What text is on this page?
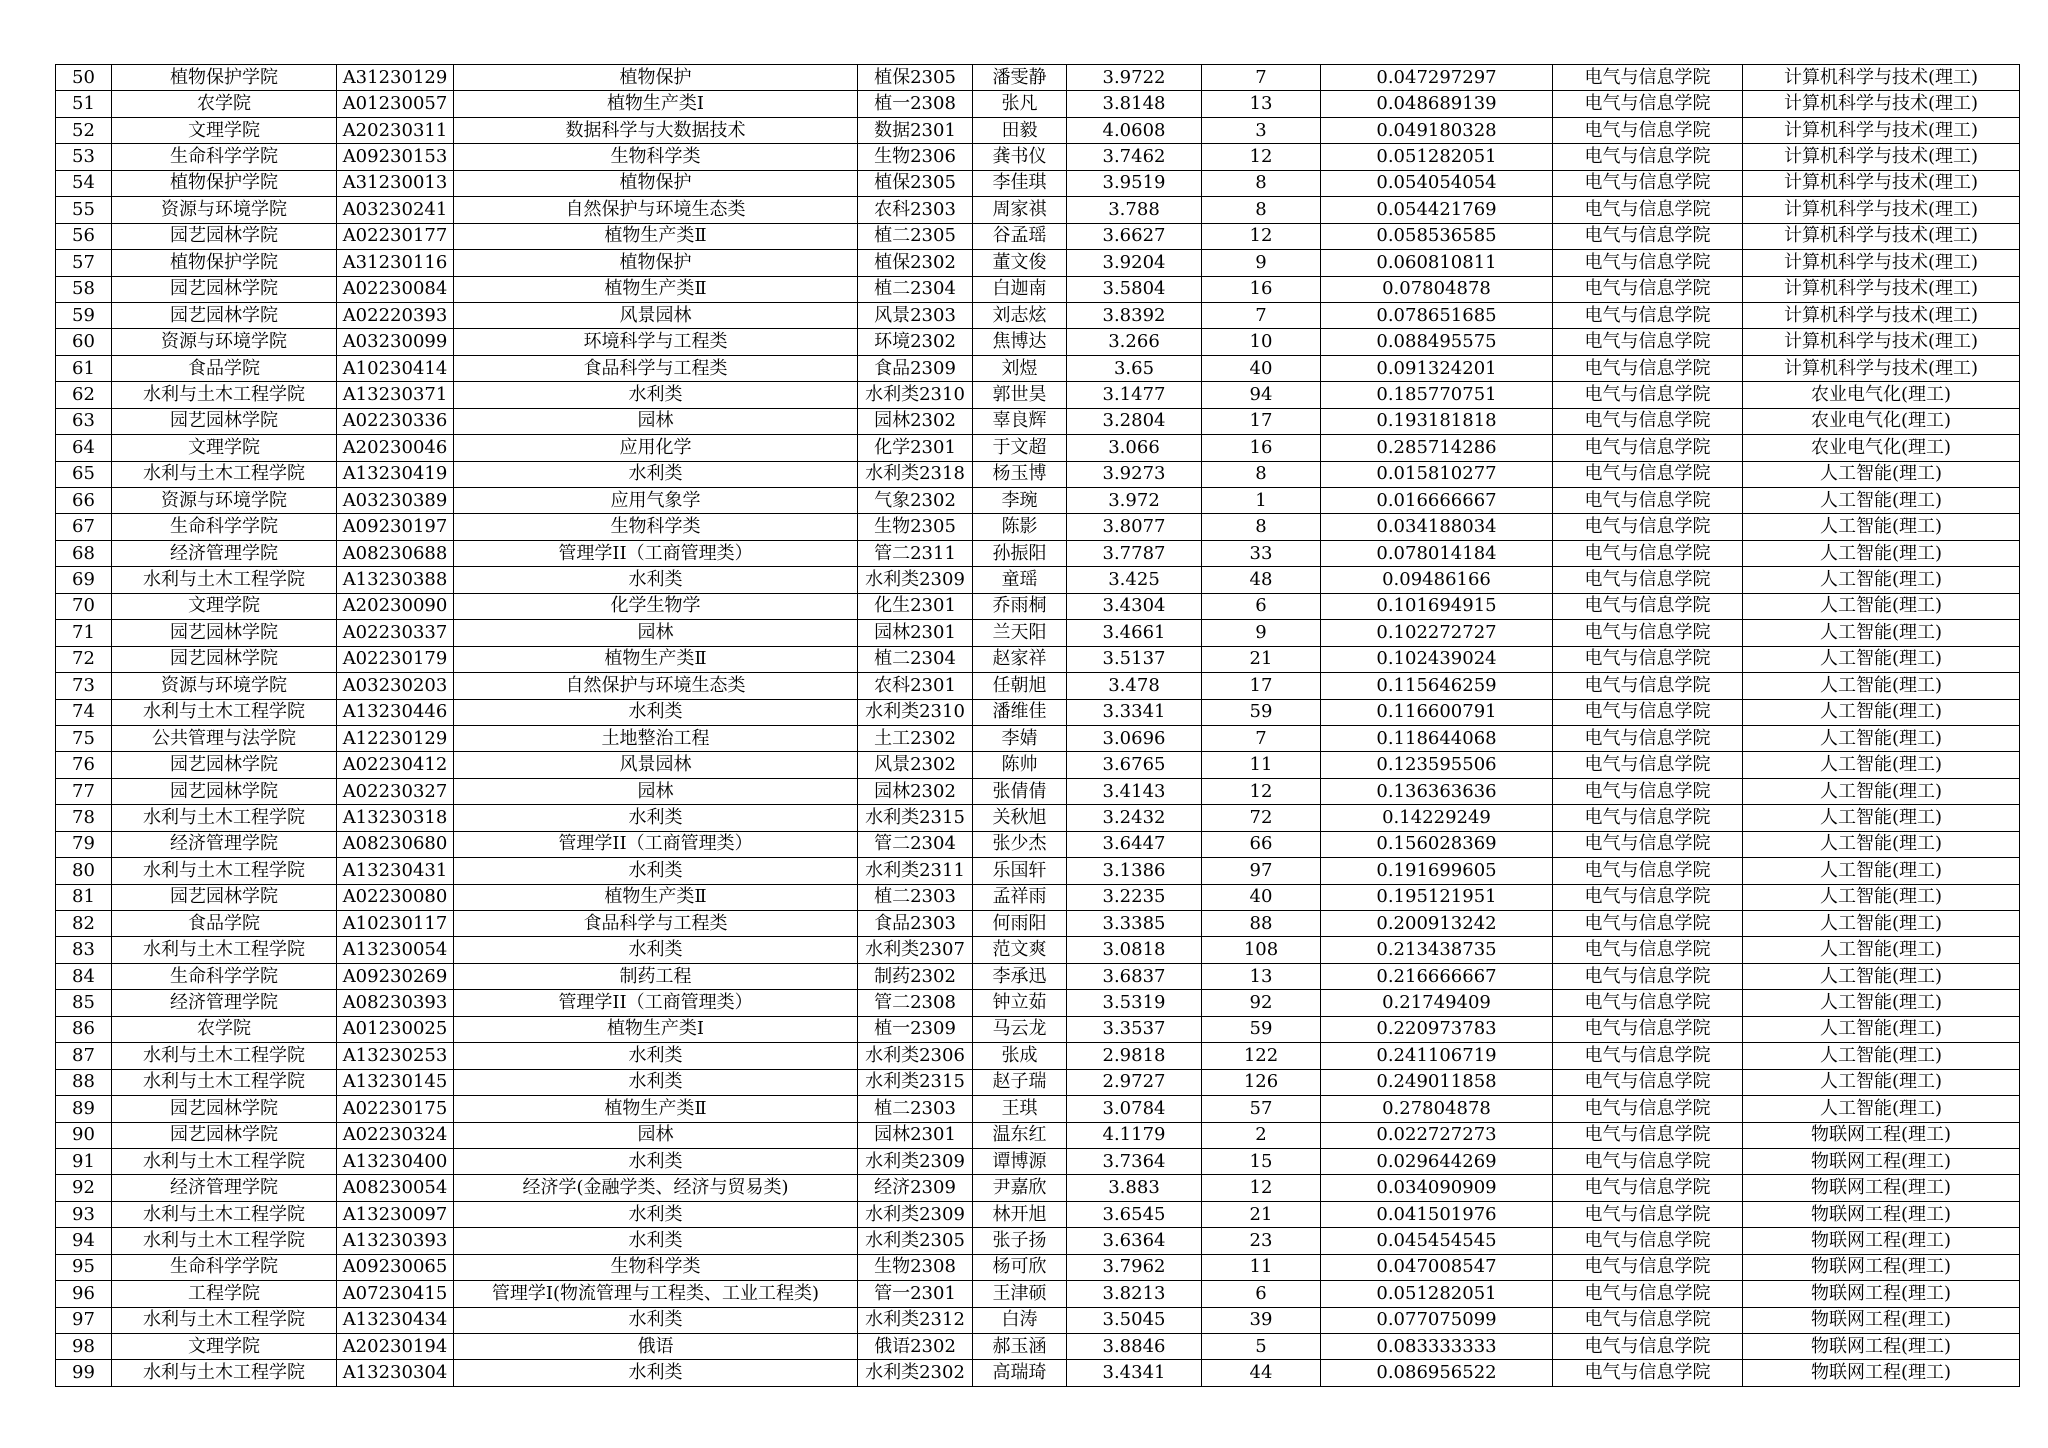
50	植物保护学院	A31230129	植物保护	植保2305	潘雯静	3.9722	7	0.047297297	电气与信息学院	计算机科学与技术(理工)
51	农学院	A01230057	植物生产类I	植一2308	张凡	3.8148	13	0.048689139	电气与信息学院	计算机科学与技术(理工)
52	文理学院	A20230311	数据科学与大数据技术	数据2301	田毅	4.0608	3	0.049180328	电气与信息学院	计算机科学与技术(理工)
53	生命科学学院	A09230153	生物科学类	生物2306	龚书仪	3.7462	12	0.051282051	电气与信息学院	计算机科学与技术(理工)
54	植物保护学院	A31230013	植物保护	植保2305	李佳琪	3.9519	8	0.054054054	电气与信息学院	计算机科学与技术(理工)
55	资源与环境学院	A03230241	自然保护与环境生态类	农科2303	周家祺	3.788	8	0.054421769	电气与信息学院	计算机科学与技术(理工)
56	园艺园林学院	A02230177	植物生产类Ⅱ	植二2305	谷孟瑶	3.6627	12	0.058536585	电气与信息学院	计算机科学与技术(理工)
57	植物保护学院	A31230116	植物保护	植保2302	董文俊	3.9204	9	0.060810811	电气与信息学院	计算机科学与技术(理工)
58	园艺园林学院	A02230084	植物生产类Ⅱ	植二2304	白迦南	3.5804	16	0.07804878	电气与信息学院	计算机科学与技术(理工)
59	园艺园林学院	A02220393	风景园林	风景2303	刘志炫	3.8392	7	0.078651685	电气与信息学院	计算机科学与技术(理工)
60	资源与环境学院	A03230099	环境科学与工程类	环境2302	焦博达	3.266	10	0.088495575	电气与信息学院	计算机科学与技术(理工)
61	食品学院	A10230414	食品科学与工程类	食品2309	刘煜	3.65	40	0.091324201	电气与信息学院	计算机科学与技术(理工)
62	水利与土木工程学院	A13230371	水利类	水利类2310	郭世昊	3.1477	94	0.185770751	电气与信息学院	农业电气化(理工)
63	园艺园林学院	A02230336	园林	园林2302	辜良辉	3.2804	17	0.193181818	电气与信息学院	农业电气化(理工)
64	文理学院	A20230046	应用化学	化学2301	于文超	3.066	16	0.285714286	电气与信息学院	农业电气化(理工)
65	水利与土木工程学院	A13230419	水利类	水利类2318	杨玉博	3.9273	8	0.015810277	电气与信息学院	人工智能(理工)
66	资源与环境学院	A03230389	应用气象学	气象2302	李琬	3.972	1	0.016666667	电气与信息学院	人工智能(理工)
67	生命科学学院	A09230197	生物科学类	生物2305	陈影	3.8077	8	0.034188034	电气与信息学院	人工智能(理工)
68	经济管理学院	A08230688	管理学II（工商管理类）	管二2311	孙振阳	3.7787	33	0.078014184	电气与信息学院	人工智能(理工)
69	水利与土木工程学院	A13230388	水利类	水利类2309	童瑶	3.425	48	0.09486166	电气与信息学院	人工智能(理工)
70	文理学院	A20230090	化学生物学	化生2301	乔雨桐	3.4304	6	0.101694915	电气与信息学院	人工智能(理工)
71	园艺园林学院	A02230337	园林	园林2301	兰天阳	3.4661	9	0.102272727	电气与信息学院	人工智能(理工)
72	园艺园林学院	A02230179	植物生产类Ⅱ	植二2304	赵家祥	3.5137	21	0.102439024	电气与信息学院	人工智能(理工)
73	资源与环境学院	A03230203	自然保护与环境生态类	农科2301	任朝旭	3.478	17	0.115646259	电气与信息学院	人工智能(理工)
74	水利与土木工程学院	A13230446	水利类	水利类2310	潘维佳	3.3341	59	0.116600791	电气与信息学院	人工智能(理工)
75	公共管理与法学院	A12230129	土地整治工程	土工2302	李婧	3.0696	7	0.118644068	电气与信息学院	人工智能(理工)
76	园艺园林学院	A02230412	风景园林	风景2302	陈帅	3.6765	11	0.123595506	电气与信息学院	人工智能(理工)
77	园艺园林学院	A02230327	园林	园林2302	张倩倩	3.4143	12	0.136363636	电气与信息学院	人工智能(理工)
78	水利与土木工程学院	A13230318	水利类	水利类2315	关秋旭	3.2432	72	0.14229249	电气与信息学院	人工智能(理工)
79	经济管理学院	A08230680	管理学II（工商管理类）	管二2304	张少杰	3.6447	66	0.156028369	电气与信息学院	人工智能(理工)
80	水利与土木工程学院	A13230431	水利类	水利类2311	乐国轩	3.1386	97	0.191699605	电气与信息学院	人工智能(理工)
81	园艺园林学院	A02230080	植物生产类Ⅱ	植二2303	孟祥雨	3.2235	40	0.195121951	电气与信息学院	人工智能(理工)
82	食品学院	A10230117	食品科学与工程类	食品2303	何雨阳	3.3385	88	0.200913242	电气与信息学院	人工智能(理工)
83	水利与土木工程学院	A13230054	水利类	水利类2307	范文爽	3.0818	108	0.213438735	电气与信息学院	人工智能(理工)
84	生命科学学院	A09230269	制药工程	制药2302	李承迅	3.6837	13	0.216666667	电气与信息学院	人工智能(理工)
85	经济管理学院	A08230393	管理学II（工商管理类）	管二2308	钟立茹	3.5319	92	0.21749409	电气与信息学院	人工智能(理工)
86	农学院	A01230025	植物生产类I	植一2309	马云龙	3.3537	59	0.220973783	电气与信息学院	人工智能(理工)
87	水利与土木工程学院	A13230253	水利类	水利类2306	张成	2.9818	122	0.241106719	电气与信息学院	人工智能(理工)
88	水利与土木工程学院	A13230145	水利类	水利类2315	赵子瑞	2.9727	126	0.249011858	电气与信息学院	人工智能(理工)
89	园艺园林学院	A02230175	植物生产类Ⅱ	植二2303	王琪	3.0784	57	0.27804878	电气与信息学院	人工智能(理工)
90	园艺园林学院	A02230324	园林	园林2301	温东红	4.1179	2	0.022727273	电气与信息学院	物联网工程(理工)
91	水利与土木工程学院	A13230400	水利类	水利类2309	谭博源	3.7364	15	0.029644269	电气与信息学院	物联网工程(理工)
92	经济管理学院	A08230054	经济学(金融学类、经济与贸易类)	经济2309	尹嘉欣	3.883	12	0.034090909	电气与信息学院	物联网工程(理工)
93	水利与土木工程学院	A13230097	水利类	水利类2309	林开旭	3.6545	21	0.041501976	电气与信息学院	物联网工程(理工)
94	水利与土木工程学院	A13230393	水利类	水利类2305	张子扬	3.6364	23	0.045454545	电气与信息学院	物联网工程(理工)
95	生命科学学院	A09230065	生物科学类	生物2308	杨可欣	3.7962	11	0.047008547	电气与信息学院	物联网工程(理工)
96	工程学院	A07230415	管理学Ⅰ(物流管理与工程类、工业工程类)	管一2301	王津硕	3.8213	6	0.051282051	电气与信息学院	物联网工程(理工)
97	水利与土木工程学院	A13230434	水利类	水利类2312	白涛	3.5045	39	0.077075099	电气与信息学院	物联网工程(理工)
98	文理学院	A20230194	俄语	俄语2302	郝玉涵	3.8846	5	0.083333333	电气与信息学院	物联网工程(理工)
99	水利与土木工程学院	A13230304	水利类	水利类2302	高瑞琦	3.4341	44	0.086956522	电气与信息学院	物联网工程(理工)
